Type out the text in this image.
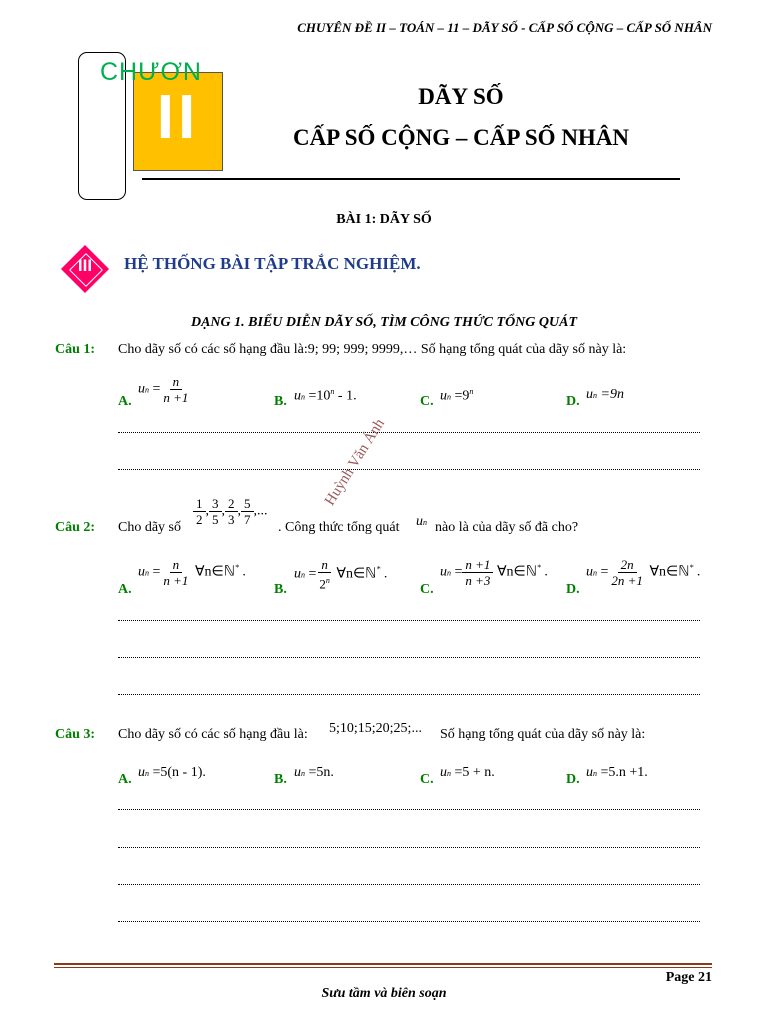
CHUYÊN ĐỀ II – TOÁN – 11 – DÃY SỐ - CẤP SỐ CỘNG – CẤP SỐ NHÂN
II
CHƯƠN
DÃY SỐ
CẤP SỐ CỘNG – CẤP SỐ NHÂN
BÀI 1: DÃY SỐ
III	HỆ THỐNG BÀI TẬP TRẮC NGHIỆM.
DẠNG 1. BIỂU DIỄN DÃY SỐ, TÌM CÔNG THỨC TỔNG QUÁT
Câu 1: Cho dãy số có các số hạng đầu là:9; 99; 999; 9999,… Số hạng tổng quát của dãy số này là:
A.
un = $\frac{n}{n +1}$	B. un $=10^n - 1$.	C. un $=9^n$
D. un =9n
Câu 2: Cho dãy số
$\frac{1}{2}$ , $\frac{3}{5}$ , $\frac{2}{3}$ , $\frac{5}{7}$ ,...
. Công thức tổng quát un nào là của dãy số đã cho?
A.
un = $\frac{n}{n +1}$ ∀n∈ℕ* .
B.
un = $\frac{n}{2^n}$ ∀n∈ℕ* .
C.
un = $\frac{n +1}{n +3}$ ∀n∈ℕ* .
D.
un = $\frac{2n}{2n +1}$ ∀n∈ℕ* .
Câu 3: Cho dãy số có các số hạng đầu là: 5;10;15;20;25;... Số hạng tổng quát của dãy số này là:
A. un =5(n - 1).	B. un =5n.	C. un =5 + n.	D. un =5.n +1.
Huỳnh Văn Ánh
Page 21
Sưu tầm và biên soạn
